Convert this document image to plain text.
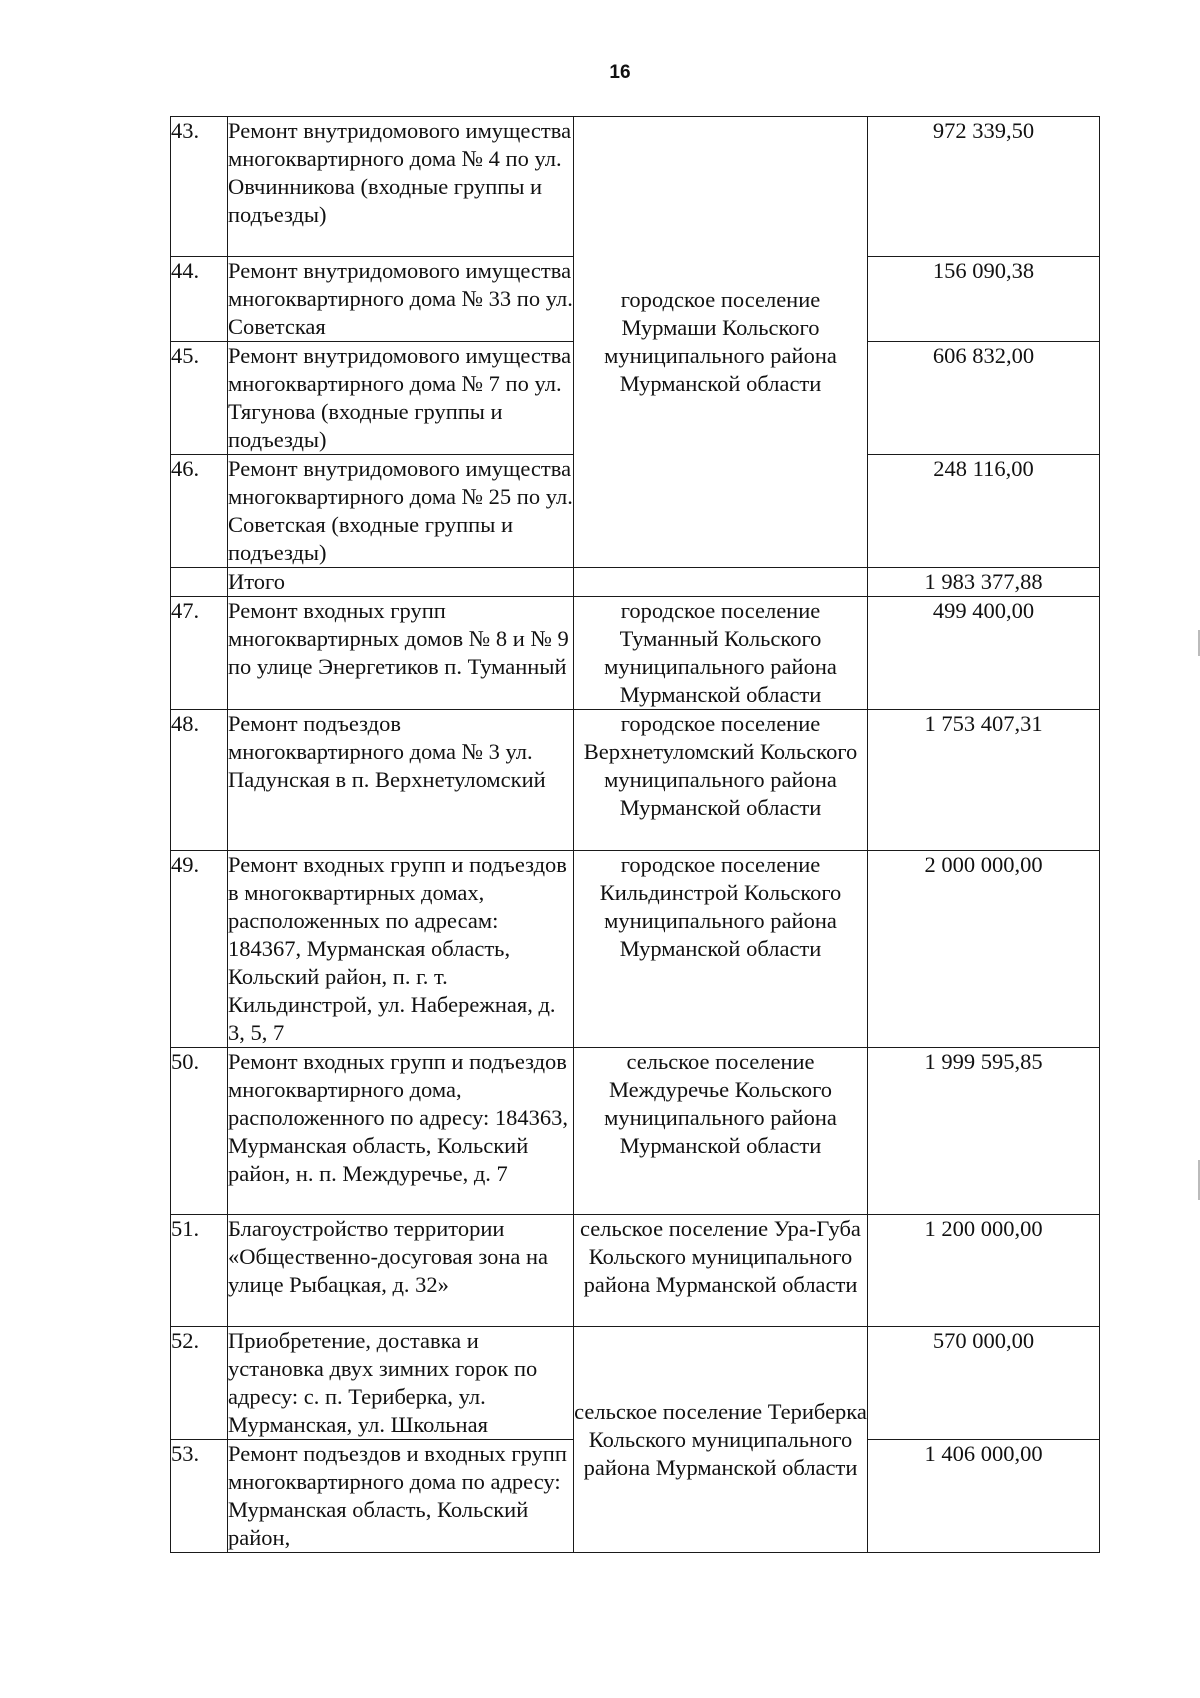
16
43.	Ремонт внутридомового имущества многоквартирного дома № 4 по ул. Овчинникова (входные группы и подъезды)	городское поселение Мурмаши Кольского муниципального района Мурманской области	972 339,50
44.	Ремонт внутридомового имущества многоквартирного дома № 33 по ул. Советская		156 090,38
45.	Ремонт внутридомового имущества многоквартирного дома № 7 по ул. Тягунова (входные группы и подъезды)		606 832,00
46.	Ремонт внутридомового имущества многоквартирного дома № 25 по ул. Советская (входные группы и подъезды)		248 116,00
	Итого		1 983 377,88
47.	Ремонт входных групп многоквартирных домов № 8 и № 9 по улице Энергетиков п. Туманный	городское поселение Туманный Кольского муниципального района Мурманской области	499 400,00
48.	Ремонт подъездов многоквартирного дома № 3 ул. Падунская в п. Верхнетуломский	городское поселение Верхнетуломский Кольского муниципального района Мурманской области	1 753 407,31
49.	Ремонт входных групп и подъездов в многоквартирных домах, расположенных по адресам: 184367, Мурманская область, Кольский район, п. г. т. Кильдинстрой, ул. Набережная, д. 3, 5, 7	городское поселение Кильдинстрой Кольского муниципального района Мурманской области	2 000 000,00
50.	Ремонт входных групп и подъездов многоквартирного дома, расположенного по адресу: 184363, Мурманская область, Кольский район, н. п. Междуречье, д. 7	сельское поселение Междуречье Кольского муниципального района Мурманской области	1 999 595,85
51.	Благоустройство территории «Общественно-досуговая зона на улице Рыбацкая, д. 32»	сельское поселение Ура-Губа Кольского муниципального района Мурманской области	1 200 000,00
52.	Приобретение, доставка и установка двух зимних горок по адресу: с. п. Териберка, ул. Мурманская, ул. Школьная	сельское поселение Териберка Кольского муниципального района Мурманской области	570 000,00
53.	Ремонт подъездов и входных групп многоквартирного дома по адресу: Мурманская область, Кольский район,		1 406 000,00
